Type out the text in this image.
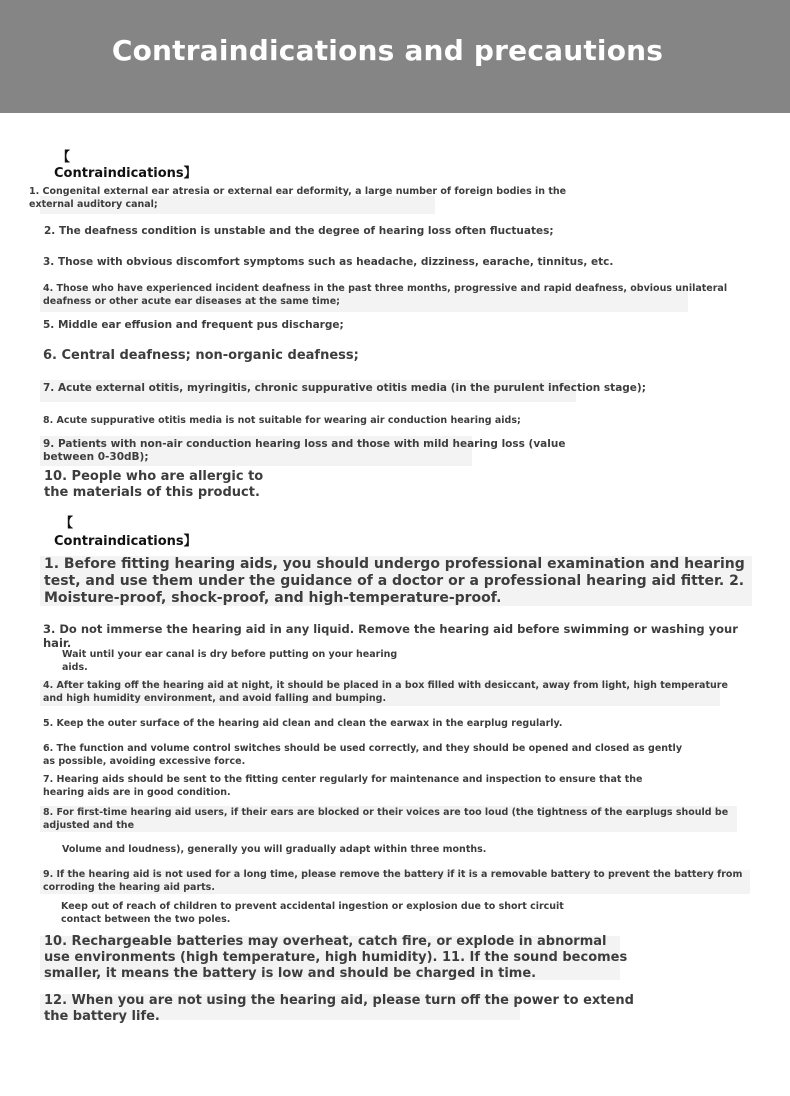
Contraindications and precautions
【
Contraindications】

1. Congenital external ear atresia or external ear deformity, a large number of foreign bodies in the external auditory canal;

2. The deafness condition is unstable and the degree of hearing loss often fluctuates;

3. Those with obvious discomfort symptoms such as headache, dizziness, earache, tinnitus, etc.

4. Those who have experienced incident deafness in the past three months, progressive and rapid deafness, obvious unilateral deafness or other acute ear diseases at the same time;

5. Middle ear effusion and frequent pus discharge;

6. Central deafness; non-organic deafness;

7. Acute external otitis, myringitis, chronic suppurative otitis media (in the purulent infection stage);

8. Acute suppurative otitis media is not suitable for wearing air conduction hearing aids;

9. Patients with non-air conduction hearing loss and those with mild hearing loss (value between 0-30dB);

10. People who are allergic to the materials of this product.

【
Contraindications】

1. Before fitting hearing aids, you should undergo professional examination and hearing test, and use them under the guidance of a doctor or a professional hearing aid fitter. 2. Moisture-proof, shock-proof, and high-temperature-proof.

3. Do not immerse the hearing aid in any liquid. Remove the hearing aid before swimming or washing your hair.

Wait until your ear canal is dry before putting on your hearing aids.

4. After taking off the hearing aid at night, it should be placed in a box filled with desiccant, away from light, high temperature and high humidity environment, and avoid falling and bumping.

5. Keep the outer surface of the hearing aid clean and clean the earwax in the earplug regularly.

6. The function and volume control switches should be used correctly, and they should be opened and closed as gently as possible, avoiding excessive force.

7. Hearing aids should be sent to the fitting center regularly for maintenance and inspection to ensure that the hearing aids are in good condition.

8. For first-time hearing aid users, if their ears are blocked or their voices are too loud (the tightness of the earplugs should be adjusted and the

Volume and loudness), generally you will gradually adapt within three months.

9. If the hearing aid is not used for a long time, please remove the battery if it is a removable battery to prevent the battery from corroding the hearing aid parts.

Keep out of reach of children to prevent accidental ingestion or explosion due to short circuit contact between the two poles.

10. Rechargeable batteries may overheat, catch fire, or explode in abnormal use environments (high temperature, high humidity). 11. If the sound becomes smaller, it means the battery is low and should be charged in time.

12. When you are not using the hearing aid, please turn off the power to extend the battery life.
